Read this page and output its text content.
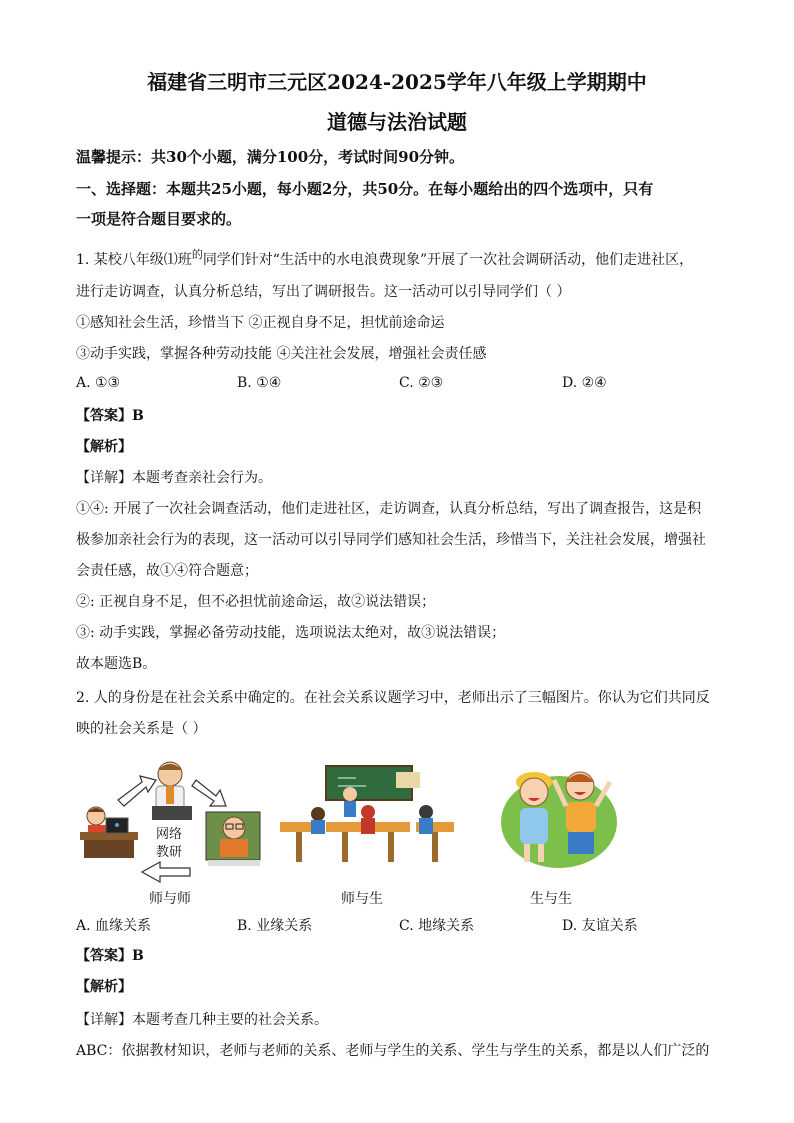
福建省三明市三元区2024-2025学年八年级上学期期中
道德与法治试题
温馨提示：共30个小题，满分100分，考试时间90分钟。
一、选择题：本题共25小题，每小题2分，共50分。在每小题给出的四个选项中，只有
一项是符合题目要求的。
1. 某校八年级⑴班$^的$同学们针对“生活中的水电浪费现象”开展了一次社会调研活动，他们走进社区，
进行走访调查，认真分析总结，写出了调研报告。这一活动可以引导同学们（ ）
①感知社会生活，珍惜当下 ②正视自身不足，担忧前途命运
③动手实践，掌握各种劳动技能 ④关注社会发展，增强社会责任感
A. ①③	B. ①④	C. ②③	D. ②④
【答案】B
【解析】
【详解】本题考查亲社会行为。
①④: 开展了一次社会调查活动，他们走进社区，走访调查，认真分析总结，写出了调查报告，这是积
极参加亲社会行为的表现，这一活动可以引导同学们感知社会生活，珍惜当下，关注社会发展，增强社
会责任感，故①④符合题意；
②: 正视自身不足，但不必担忧前途命运，故②说法错误；
③: 动手实践，掌握必备劳动技能，选项说法太绝对，故③说法错误；
故本题选B。
2. 人的身份是在社会关系中确定的。在社会关系议题学习中，老师出示了三幅图片。你认为它们共同反
映的社会关系是（ ）
网络
教研
师与师	师与生	生与生
A. 血缘关系	B. 业缘关系	C. 地缘关系	D. 友谊关系
【答案】B
【解析】
【详解】本题考查几种主要的社会关系。
ABC：依据教材知识，老师与老师的关系、老师与学生的关系、学生与学生的关系，都是以人们广泛的
